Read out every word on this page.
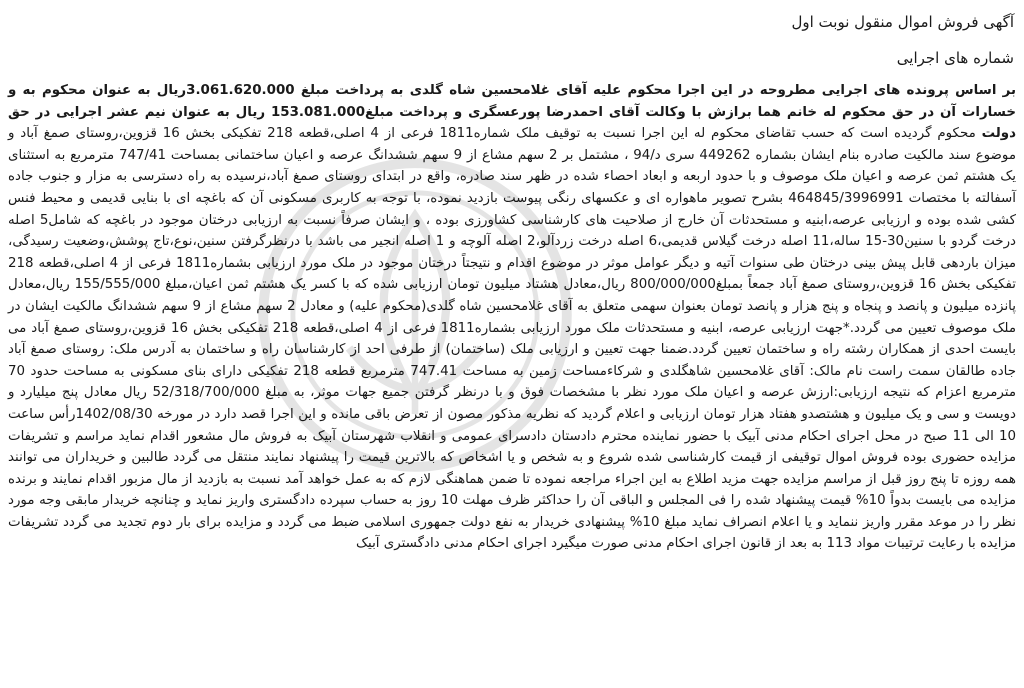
آگهی فروش اموال منقول نوبت اول
شماره های اجرایی
بر اساس پرونده های اجرایی مطروحه در این اجرا محکوم علیه آقای غلامحسین شاه گلدی به پرداخت مبلغ 3.061.620.000ریال به عنوان محکوم به و خسارات آن در حق محکوم له خانم هما برازش با وکالت آقای احمدرضا پورعسگری و پرداخت مبلغ153.081.000 ریال به عنوان نیم عشر اجرایی در حق دولت محکوم گردیده است که حسب تقاضای محکوم له این اجرا نسبت به توقیف ملک شماره1811 فرعی از 4 اصلی،قطعه 218 تفکیکی بخش 16 قزوین،روستای صمغ آباد و موضوع سند مالکیت صادره بنام ایشان بشماره 449262 سری د/94 ، مشتمل بر 2 سهم مشاع از 9 سهم ششدانگ عرصه و اعیان ساختمانی بمساحت 747/41 مترمربع به استثنای یک هشتم ثمن عرصه و اعیان ملک موصوف و با حدود اربعه و ابعاد احصاء شده در ظهر سند صادره، واقع در ابتدای روستای صمغ آباد،نرسیده به راه دسترسی به مزار و جنوب جاده آسفالته با مختصات 464845/3996991 بشرح تصویر ماهواره ای و عکسهای رنگی پیوست بازدید نموده، با توجه به کاربری مسکونی آن که باغچه ای با بنایی قدیمی و محیط فنس کشی شده بوده و ارزیابی عرصه،ابنیه و مستحدثات آن خارج از صلاحیت های کارشناسی کشاورزی بوده ، و ایشان صرفاً نسبت به ارزیابی درختان موجود در باغچه که شامل5 اصله درخت گردو با سنین30-15 ساله،11 اصله درخت گیلاس قدیمی،6 اصله درخت زردآلو،2 اصله آلوچه و 1 اصله انجیر می باشد با درنظرگرفتن سنین،نوع،تاج پوشش،وضعیت رسیدگی، میزان باردهی قابل پیش بینی درختان طی سنوات آتیه و دیگر عوامل موثر در موضوع اقدام و نتیجتاً درختان موجود در ملک مورد ارزیابی بشماره1811 فرعی از 4 اصلی،قطعه 218 تفکیکی بخش 16 قزوین،روستای صمغ آباد جمعاً بمبلغ800/000/000 ریال،معادل هشتاد میلیون تومان ارزیابی شده که با کسر یک هشتم ثمن اعیان،مبلغ 155/555/000 ریال،معادل پانزده میلیون و پانصد و پنجاه و پنج هزار و پانصد تومان بعنوان سهمی متعلق به آقای غلامحسین شاه گلدی(محکوم علیه) و معادل 2 سهم مشاع از 9 سهم ششدانگ مالکیت ایشان در ملک موصوف تعیین می گردد.*جهت ارزیابی عرصه، ابنیه و مستحدثات ملک مورد ارزیابی بشماره1811 فرعی از 4 اصلی،قطعه 218 تفکیکی بخش 16 قزوین،روستای صمغ آباد می بایست احدی از همکاران رشته راه و ساختمان تعیین گردد.ضمنا جهت تعیین و ارزیابی ملک (ساختمان) از طرفی احد از کارشناسان راه و ساختمان به آدرس ملک: روستای صمغ آباد جاده طالقان سمت راست نام مالک: آقای غلامحسین شاهگلدی و شرکاءمساحت زمین به مساحت 747.41 مترمربع قطعه 218 تفکیکی دارای بنای مسکونی به مساحت حدود 70 مترمربع اعزام که نتیجه ارزیابی:ارزش عرصه و اعیان ملک مورد نظر با مشخصات فوق و با درنظر گرفتن جمیع جهات موثر، به مبلغ 52/318/700/000 ریال معادل پنج میلیارد و دویست و سی و یک میلیون و هشتصدو هفتاد هزار تومان ارزیابی و اعلام گردید که نظریه مذکور مصون از تعرض باقی مانده و این اجرا قصد دارد در مورخه 1402/08/30رأس ساعت 10 الی 11 صبح در محل اجرای احکام مدنی آبیک با حضور نماینده محترم دادستان دادسرای عمومی و انقلاب شهرستان آبیک به فروش مال مشعور اقدام نماید مراسم و تشریفات مزایده حضوری بوده فروش اموال توقیفی از قیمت کارشناسی شده شروع و به شخص و یا اشخاص که بالاترین قیمت را پیشنهاد نمایند منتقل می گردد طالبین و خریداران می توانند همه روزه تا پنج روز قبل از مراسم مزایده جهت مزید اطلاع به این اجراء مراجعه نموده تا ضمن هماهنگی لازم که به عمل خواهد آمد نسبت به بازدید از مال مزبور اقدام نمایند و برنده مزایده می بایست بدواً 10% قیمت پیشنهاد شده را فی المجلس و الباقی آن را حداکثر ظرف مهلت 10 روز به حساب سپرده دادگستری واریز نماید و چنانچه خریدار مابقی وجه مورد نظر را در موعد مقرر واریز ننماید و یا اعلام انصراف نماید مبلغ 10% پیشنهادی خریدار به نفع دولت جمهوری اسلامی ضبط می گردد و مزایده برای بار دوم تجدید می گردد تشریفات مزایده با رعایت ترتیبات مواد 113 به بعد از قانون اجرای احکام مدنی صورت میگیرد اجرای احکام مدنی دادگستری آبیک
